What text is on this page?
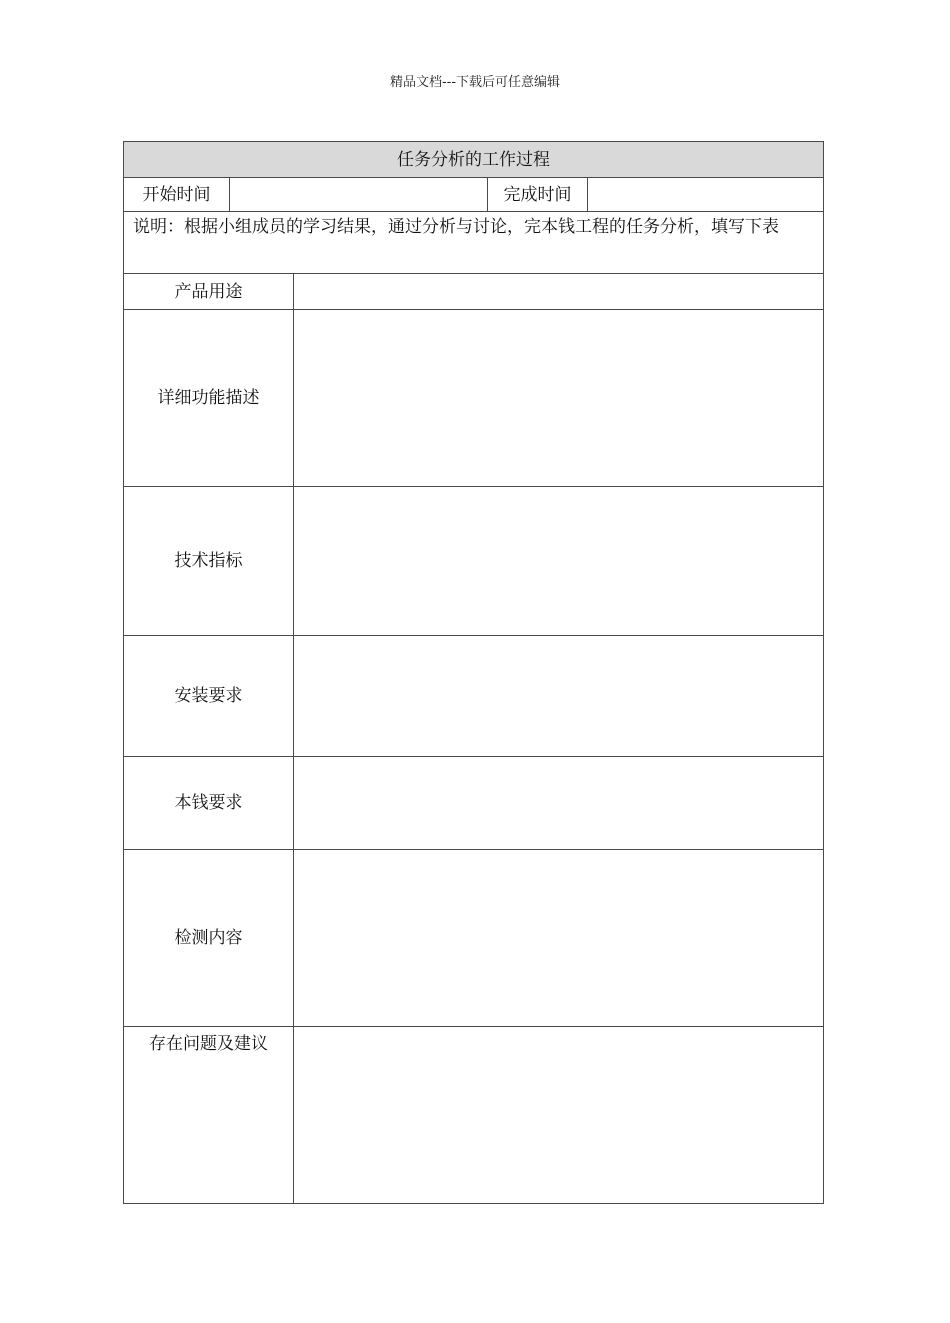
精品文档---下载后可任意编辑
任务分析的工作过程				
开始时间			完成时间	
说明：根据小组成员的学习结果，通过分析与讨论，完本钱工程的任务分析，填写下表				
产品用途				
详细功能描述				
技术指标				
安装要求				
本钱要求				
检测内容				
存在问题及建议				
